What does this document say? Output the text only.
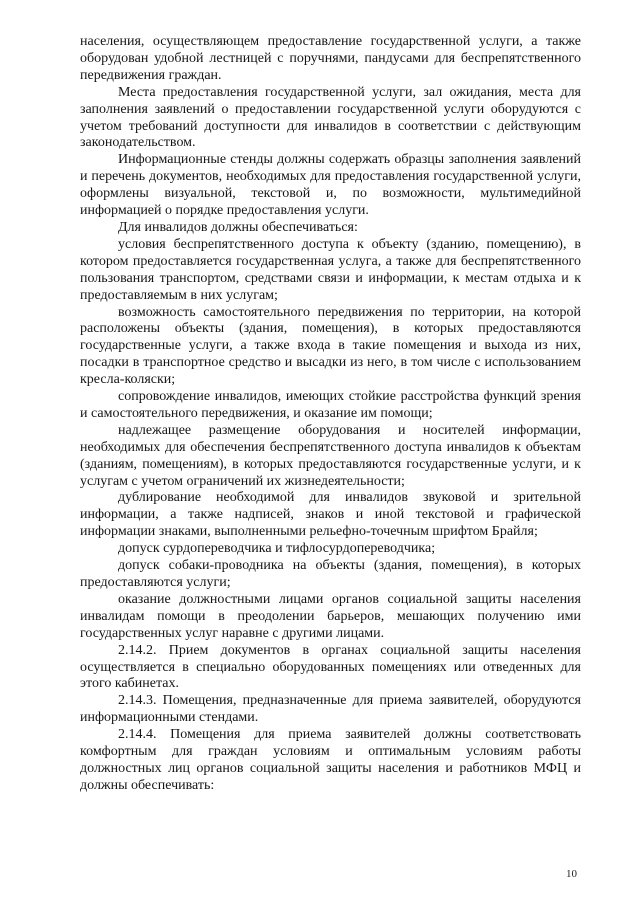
населения, осуществляющем предоставление государственной услуги, а также оборудован удобной лестницей с поручнями, пандусами для беспрепятственного передвижения граждан.

Места предоставления государственной услуги, зал ожидания, места для заполнения заявлений о предоставлении государственной услуги оборудуются с учетом требований доступности для инвалидов в соответствии с действующим законодательством.

Информационные стенды должны содержать образцы заполнения заявлений и перечень документов, необходимых для предоставления государственной услуги, оформлены визуальной, текстовой и, по возможности, мультимедийной информацией о порядке предоставления услуги.

Для инвалидов должны обеспечиваться:

условия беспрепятственного доступа к объекту (зданию, помещению), в котором предоставляется государственная услуга, а также для беспрепятственного пользования транспортом, средствами связи и информации, к местам отдыха и к предоставляемым в них услугам;

возможность самостоятельного передвижения по территории, на которой расположены объекты (здания, помещения), в которых предоставляются государственные услуги, а также входа в такие помещения и выхода из них, посадки в транспортное средство и высадки из него, в том числе с использованием кресла-коляски;

сопровождение инвалидов, имеющих стойкие расстройства функций зрения и самостоятельного передвижения, и оказание им помощи;

надлежащее размещение оборудования и носителей информации, необходимых для обеспечения беспрепятственного доступа инвалидов к объектам (зданиям, помещениям), в которых предоставляются государственные услуги, и к услугам с учетом ограничений их жизнедеятельности;

дублирование необходимой для инвалидов звуковой и зрительной информации, а также надписей, знаков и иной текстовой и графической информации знаками, выполненными рельефно-точечным шрифтом Брайля;

допуск сурдопереводчика и тифлосурдопереводчика;

допуск собаки-проводника на объекты (здания, помещения), в которых предоставляются услуги;

оказание должностными лицами органов социальной защиты населения инвалидам помощи в преодолении барьеров, мешающих получению ими государственных услуг наравне с другими лицами.

2.14.2. Прием документов в органах социальной защиты населения осуществляется в специально оборудованных помещениях или отведенных для этого кабинетах.

2.14.3. Помещения, предназначенные для приема заявителей, оборудуются информационными стендами.

2.14.4. Помещения для приема заявителей должны соответствовать комфортным для граждан условиям и оптимальным условиям работы должностных лиц органов социальной защиты населения и работников МФЦ и должны обеспечивать:

10
